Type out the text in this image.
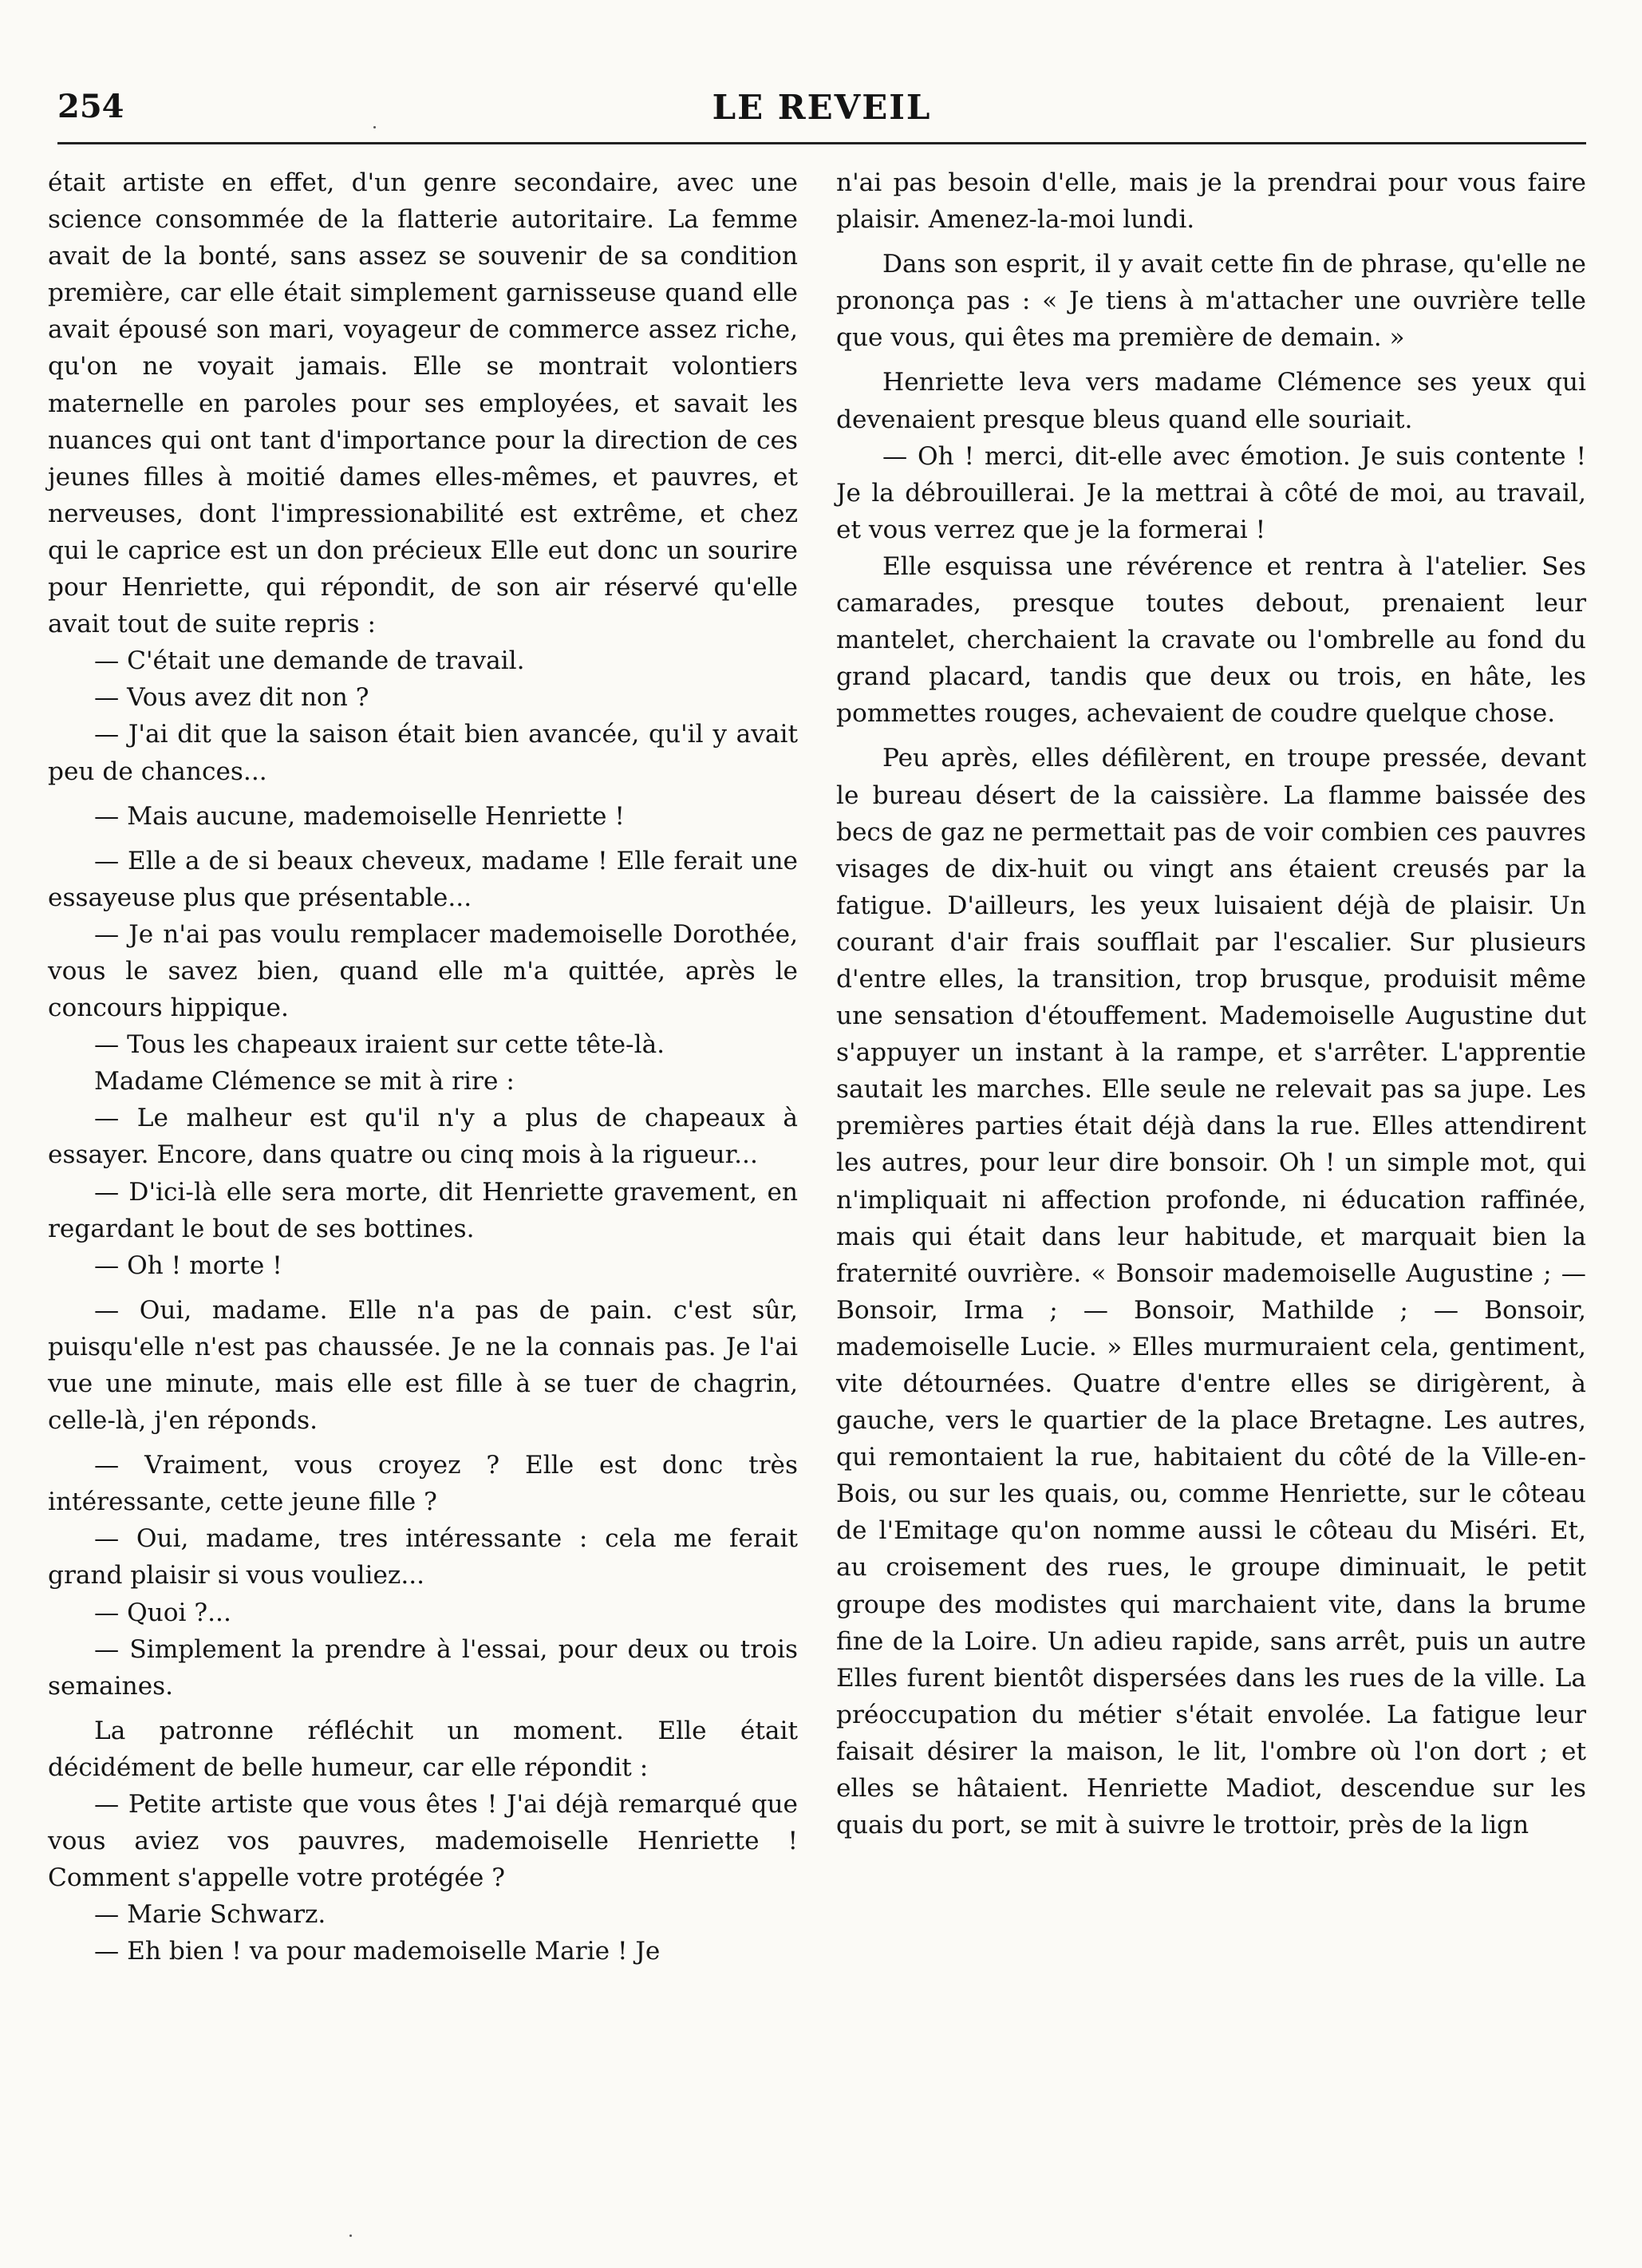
254	LE REVEIL

était artiste en effet, d'un genre secondaire, avec une science consommée de la flatterie autoritaire. La femme avait de la bonté, sans assez se souvenir de sa condition première, car elle était simplement garnisseuse quand elle avait épousé son mari, voyageur de commerce assez riche, qu'on ne voyait jamais. Elle se montrait volontiers maternelle en paroles pour ses employées, et savait les nuances qui ont tant d'importance pour la direction de ces jeunes filles à moitié dames elles-mêmes, et pauvres, et nerveuses, dont l'impressionabilité est extrême, et chez qui le caprice est un don précieux Elle eut donc un sourire pour Henriette, qui répondit, de son air réservé qu'elle avait tout de suite repris :

— C'était une demande de travail.

— Vous avez dit non ?

— J'ai dit que la saison était bien avancée, qu'il y avait peu de chances...

— Mais aucune, mademoiselle Henriette !

— Elle a de si beaux cheveux, madame ! Elle ferait une essayeuse plus que présentable...

— Je n'ai pas voulu remplacer mademoiselle Dorothée, vous le savez bien, quand elle m'a quittée, après le concours hippique.

— Tous les chapeaux iraient sur cette tête-là.

Madame Clémence se mit à rire :

— Le malheur est qu'il n'y a plus de chapeaux à essayer. Encore, dans quatre ou cinq mois à la rigueur...

— D'ici-là elle sera morte, dit Henriette gravement, en regardant le bout de ses bottines.

— Oh ! morte !

— Oui, madame. Elle n'a pas de pain. c'est sûr, puisqu'elle n'est pas chaussée. Je ne la connais pas. Je l'ai vue une minute, mais elle est fille à se tuer de chagrin, celle-là, j'en réponds.

— Vraiment, vous croyez ? Elle est donc très intéressante, cette jeune fille ?

— Oui, madame, tres intéressante : cela me ferait grand plaisir si vous vouliez...

— Quoi ?...

— Simplement la prendre à l'essai, pour deux ou trois semaines.

La patronne réfléchit un moment. Elle était décidément de belle humeur, car elle répondit :

— Petite artiste que vous êtes ! J'ai déjà remarqué que vous aviez vos pauvres, mademoiselle Henriette ! Comment s'appelle votre protégée ?

— Marie Schwarz.

— Eh bien ! va pour mademoiselle Marie ! Je

n'ai pas besoin d'elle, mais je la prendrai pour vous faire plaisir. Amenez-la-moi lundi.

Dans son esprit, il y avait cette fin de phrase, qu'elle ne prononça pas : « Je tiens à m'attacher une ouvrière telle que vous, qui êtes ma première de demain. »

Henriette leva vers madame Clémence ses yeux qui devenaient presque bleus quand elle souriait.

— Oh ! merci, dit-elle avec émotion. Je suis contente ! Je la débrouillerai. Je la mettrai à côté de moi, au travail, et vous verrez que je la formerai !

Elle esquissa une révérence et rentra à l'atelier. Ses camarades, presque toutes debout, prenaient leur mantelet, cherchaient la cravate ou l'ombrelle au fond du grand placard, tandis que deux ou trois, en hâte, les pommettes rouges, achevaient de coudre quelque chose.

Peu après, elles défilèrent, en troupe pressée, devant le bureau désert de la caissière. La flamme baissée des becs de gaz ne permettait pas de voir combien ces pauvres visages de dix-huit ou vingt ans étaient creusés par la fatigue. D'ailleurs, les yeux luisaient déjà de plaisir. Un courant d'air frais soufflait par l'escalier. Sur plusieurs d'entre elles, la transition, trop brusque, produisit même une sensation d'étouffement. Mademoiselle Augustine dut s'appuyer un instant à la rampe, et s'arrêter. L'apprentie sautait les marches. Elle seule ne relevait pas sa jupe. Les premières parties était déjà dans la rue. Elles attendirent les autres, pour leur dire bonsoir. Oh ! un simple mot, qui n'impliquait ni affection profonde, ni éducation raffinée, mais qui était dans leur habitude, et marquait bien la fraternité ouvrière. « Bonsoir mademoiselle Augustine ; — Bonsoir, Irma ; — Bonsoir, Mathilde ; — Bonsoir, mademoiselle Lucie. » Elles murmuraient cela, gentiment, vite détournées. Quatre d'entre elles se dirigèrent, à gauche, vers le quartier de la place Bretagne. Les autres, qui remontaient la rue, habitaient du côté de la Ville-en-Bois, ou sur les quais, ou, comme Henriette, sur le côteau de l'Emitage qu'on nomme aussi le côteau du Miséri. Et, au croisement des rues, le groupe diminuait, le petit groupe des modistes qui marchaient vite, dans la brume fine de la Loire. Un adieu rapide, sans arrêt, puis un autre Elles furent bientôt dispersées dans les rues de la ville. La préoccupation du métier s'était envolée. La fatigue leur faisait désirer la maison, le lit, l'ombre où l'on dort ; et elles se hâtaient. Henriette Madiot, descendue sur les quais du port, se mit à suivre le trottoir, près de la lign
